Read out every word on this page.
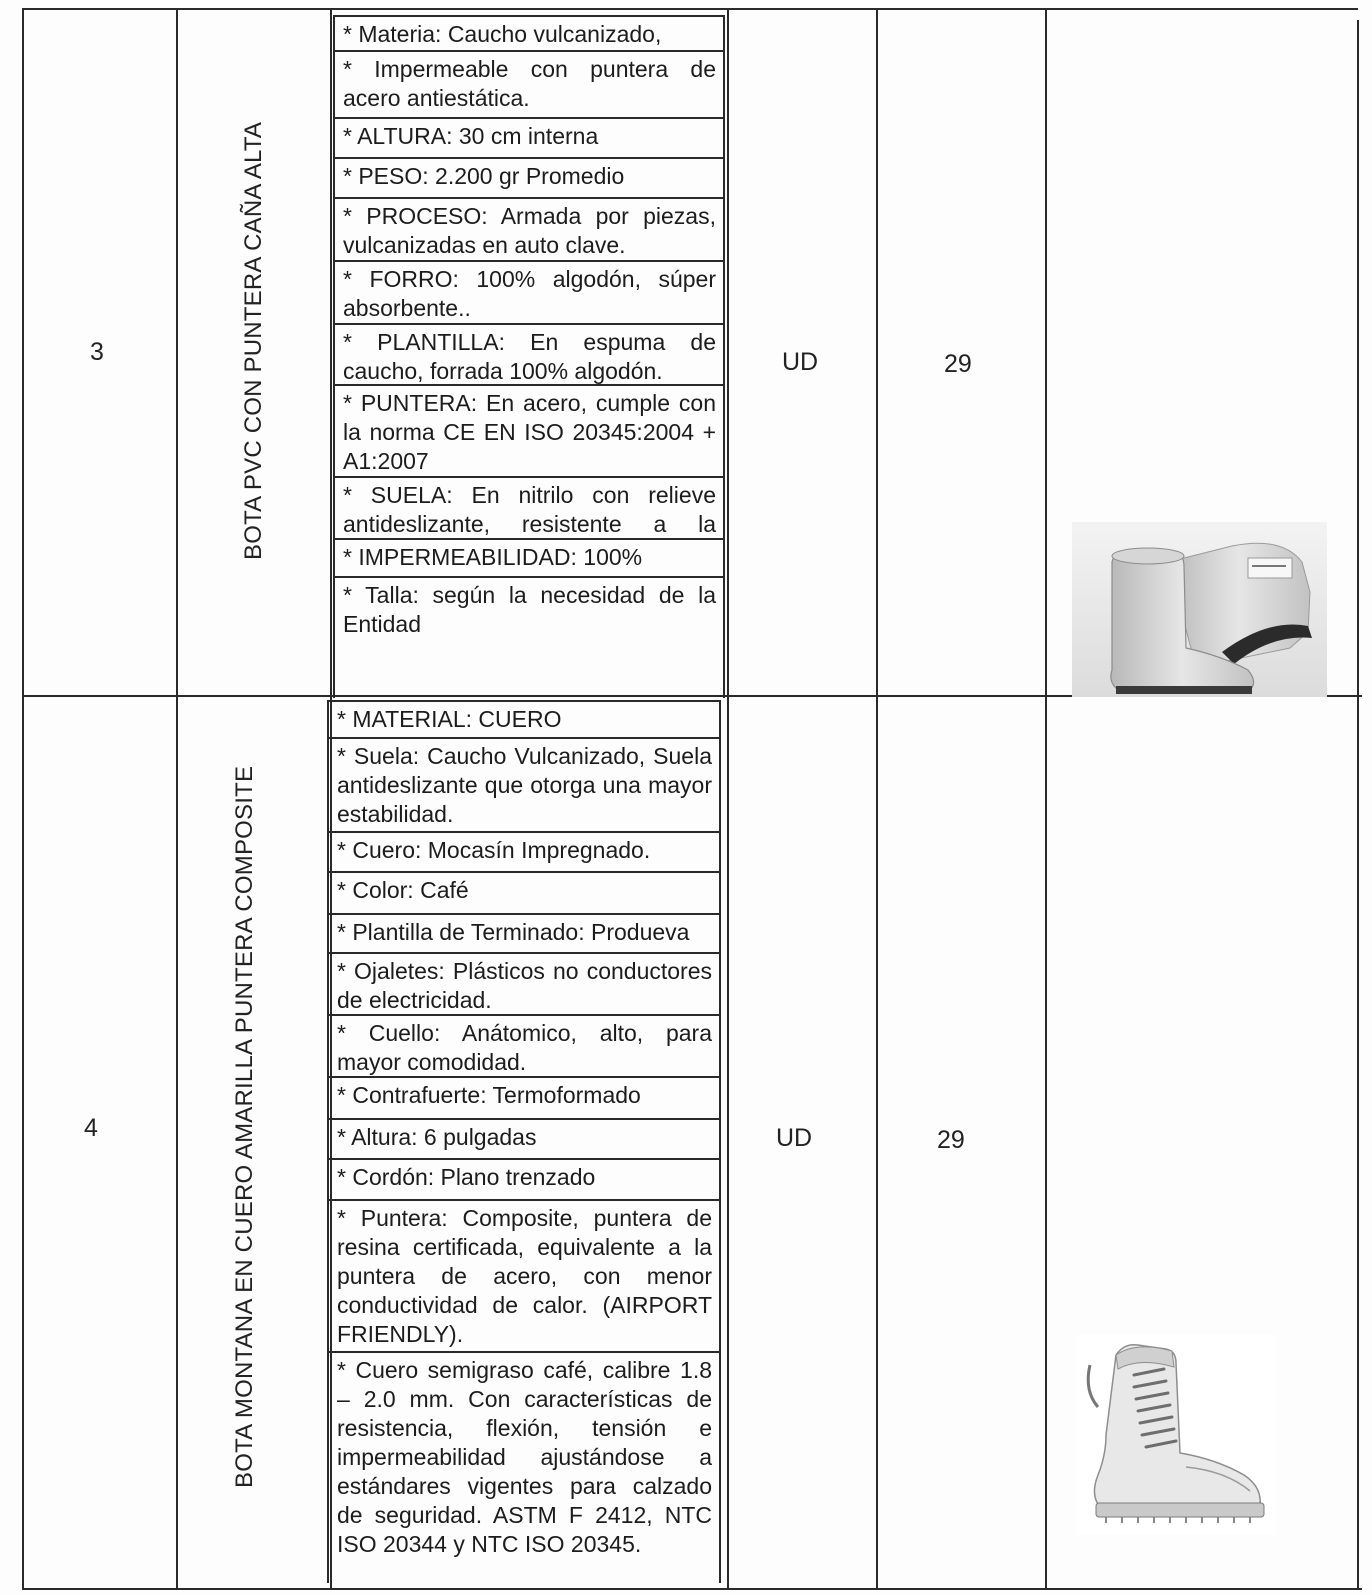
3	BOTA PVC CON PUNTERA CAÑA ALTA
* Materia: Caucho vulcanizado,
* Impermeable con puntera de acero antiestática.
* ALTURA: 30 cm interna
* PESO: 2.200 gr Promedio
* PROCESO: Armada por piezas, vulcanizadas en auto clave.
* FORRO: 100% algodón, súper absorbente..
* PLANTILLA: En espuma de caucho, forrada 100% algodón.
* PUNTERA: En acero, cumple con la norma CE EN ISO 20345:2004 + A1:2007
* SUELA: En nitrilo con relieve antideslizante, resistente a la
* IMPERMEABILIDAD: 100%
* Talla: según la necesidad de la Entidad
UD	29
4	BOTA MONTANA EN CUERO AMARILLA PUNTERA COMPOSITE
* MATERIAL: CUERO
* Suela: Caucho Vulcanizado, Suela antideslizante que otorga una mayor estabilidad.
* Cuero: Mocasín Impregnado.
* Color: Café
* Plantilla de Terminado: Produeva
* Ojaletes: Plásticos no conductores de electricidad.
* Cuello: Anátomico, alto, para mayor comodidad.
* Contrafuerte: Termoformado
* Altura: 6 pulgadas
* Cordón: Plano trenzado
* Puntera: Composite, puntera de resina certificada, equivalente a la puntera de acero, con menor conductividad de calor. (AIRPORT FRIENDLY).
* Cuero semigraso café, calibre 1.8 – 2.0 mm. Con características de resistencia, flexión, tensión e impermeabilidad ajustándose a estándares vigentes para calzado de seguridad. ASTM F 2412, NTC ISO 20344 y NTC ISO 20345.
UD	29
